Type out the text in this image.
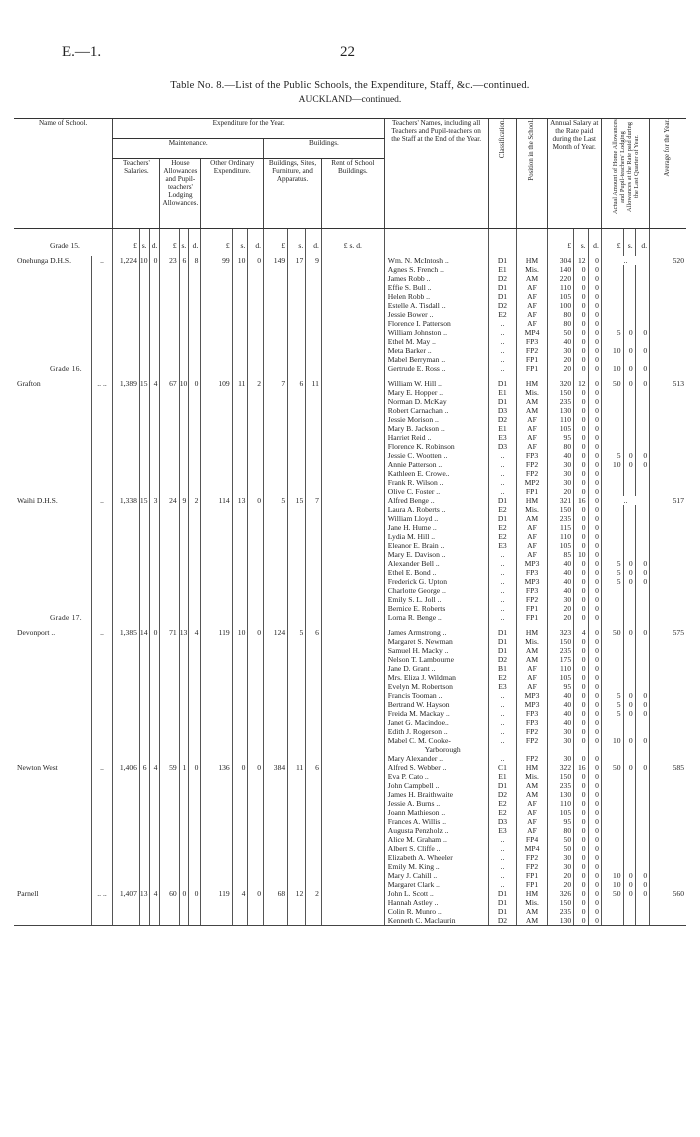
E.—1.	22
Table No. 8.—List of the Public Schools, the Expenditure, Staff, &c.—continued.
AUCKLAND—continued.
Name of School.		Expenditure for the Year.													Teachers' Names, including all Teachers and Pupil-teachers on the Staff at the End of the Year.	Classification.	Position in the School.	Annual Salary at the Rate paid during the Last Month of Year.			Actual Amount of Home Allowances and Pupil-teachers' Lodging Allowances at the Rate paid during the Last Quarter of Year.			Average for the Year.
		Maintenance.									Buildings.													
		Teachers' Salaries.			House Allowances and Pupil-teachers' Lodging Allowances.			Other Ordinary Expenditure.			Buildings, Sites, Furniture, and Apparatus.			Rent of School Buildings.										
Grade 15.		£	s.	d.	£	s.	d.	£	s.	d.	£	s.	d.	£ s. d.				£	s.	d.	£	s.	d.	
Onehunga D.H.S.	..	1,224	10	0	23	6	8	99	10	0	149	17	9		Wm. N. McIntosh ..	D1	HM	304	12	0	..			520
															Agnes S. French ..	E1	Mis.	140	0	0				
															James Robb ..	D2	AM	220	0	0				
															Effie S. Bull ..	D1	AF	110	0	0				
															Helen Robb ..	D1	AF	105	0	0				
															Estelle A. Tisdall ..	D2	AF	100	0	0				
															Jessie Bower ..	E2	AF	80	0	0				
															Florence I. Patterson	..	AF	80	0	0				
															William Johnston ..	..	MP4	50	0	0	5	0	0	
															Ethel M. May ..	..	FP3	40	0	0				
															Meta Barker ..	..	FP2	30	0	0	10	0	0	
															Mabel Berryman ..	..	FP1	20	0	0				
Grade 16.															Gertrude E. Ross ..	..	FP1	20	0	0	10	0	0	

Grafton	.. ..	1,389	15	4	67	10	0	109	11	2	7	6	11		William W. Hill ..	D1	HM	320	12	0	50	0	0	513
															Mary E. Hopper ..	E1	Mis.	150	0	0				
															Norman D. McKay	D1	AM	235	0	0				
															Robert Carnachan ..	D3	AM	130	0	0				
															Jessie Morison ..	D2	AF	110	0	0				
															Mary B. Jackson ..	E1	AF	105	0	0				
															Harriet Reid ..	E3	AF	95	0	0				
															Florence K. Robinson	D3	AF	80	0	0				
															Jessie C. Wootten ..	..	FP3	40	0	0	5	0	0	
															Annie Patterson ..	..	FP2	30	0	0	10	0	0	
															Kathleen E. Crowe..	..	FP2	30	0	0				
															Frank R. Wilson ..	..	MP2	30	0	0				
															Olive C. Foster ..	..	FP1	20	0	0				
Waihi D.H.S.	..	1,338	15	3	24	9	2	114	13	0	5	15	7		Alfred Benge ..	D1	HM	321	16	0	..			517
															Laura A. Roberts ..	E2	Mis.	150	0	0				
															William Lloyd ..	D1	AM	235	0	0				
															Jane H. Hume ..	E2	AF	115	0	0				
															Lydia M. Hill ..	E2	AF	110	0	0				
															Eleanor E. Brain ..	E3	AF	105	0	0				
															Mary E. Davison ..	..	AF	85	10	0				
															Alexander Bell ..	..	MP3	40	0	0	5	0	0	
															Ethel E. Bond ..	..	FP3	40	0	0	5	0	0	
															Frederick G. Upton	..	MP3	40	0	0	5	0	0	
															Charlotte George ..	..	FP3	40	0	0				
															Emily S. L. Joll ..	..	FP2	30	0	0				
															Bernice E. Roberts	..	FP1	20	0	0				
Grade 17.															Lorna R. Benge ..	..	FP1	20	0	0				

Devonport ..	..	1,385	14	0	71	13	4	119	10	0	124	5	6		James Armstrong ..	D1	HM	323	4	0	50	0	0	575
															Margaret S. Newman	D1	Mis.	150	0	0				
															Samuel H. Macky ..	D1	AM	235	0	0				
															Nelson T. Lambourne	D2	AM	175	0	0				
															Jane D. Grant ..	B1	AF	110	0	0				
															Mrs. Eliza J. Wildman	E2	AF	105	0	0				
															Evelyn M. Robertson	E3	AF	95	0	0				
															Francis Tooman ..	..	MP3	40	0	0	5	0	0	
															Bertrand W. Hayson	..	MP3	40	0	0	5	0	0	
															Freida M. Mackay ..	..	FP3	40	0	0	5	0	0	
															Janet G. Macindoe..	..	FP3	40	0	0				
															Edith J. Rogerson ..	..	FP2	30	0	0				
															Mabel C. M. Cooke-	..	FP2	30	0	0	10	0	0	
															Yarborough									
															Mary Alexander ..	..	FP2	30	0	0				
Newton West	..	1,406	6	4	59	1	0	136	0	0	384	11	6		Alfred S. Webber ..	C1	HM	322	16	0	50	0	0	585
															Eva P. Cato ..	E1	Mis.	150	0	0				
															John Campbell ..	D1	AM	235	0	0				
															James H. Braithwaite	D2	AM	130	0	0				
															Jessie A. Burns ..	E2	AF	110	0	0				
															Joann Mathieson ..	E2	AF	105	0	0				
															Frances A. Willis ..	D3	AF	95	0	0				
															Augusta Penzholz ..	E3	AF	80	0	0				
															Alice M. Graham ..	..	FP4	50	0	0				
															Albert S. Cliffe ..	..	MP4	50	0	0				
															Elizabeth A. Wheeler	..	FP2	30	0	0				
															Emily M. King ..	..	FP2	30	0	0				
															Mary J. Cahill ..	..	FP1	20	0	0	10	0	0	
															Margaret Clark ..	..	FP1	20	0	0	10	0	0	
Parnell	.. ..	1,407	13	4	60	0	0	119	4	0	68	12	2		John L. Scott ..	D1	HM	326	0	0	50	0	0	560
															Hannah Astley ..	D1	Mis.	150	0	0				
															Colin R. Munro ..	D1	AM	235	0	0				
															Kenneth C. Maclaurin	D2	AM	130	0	0				
